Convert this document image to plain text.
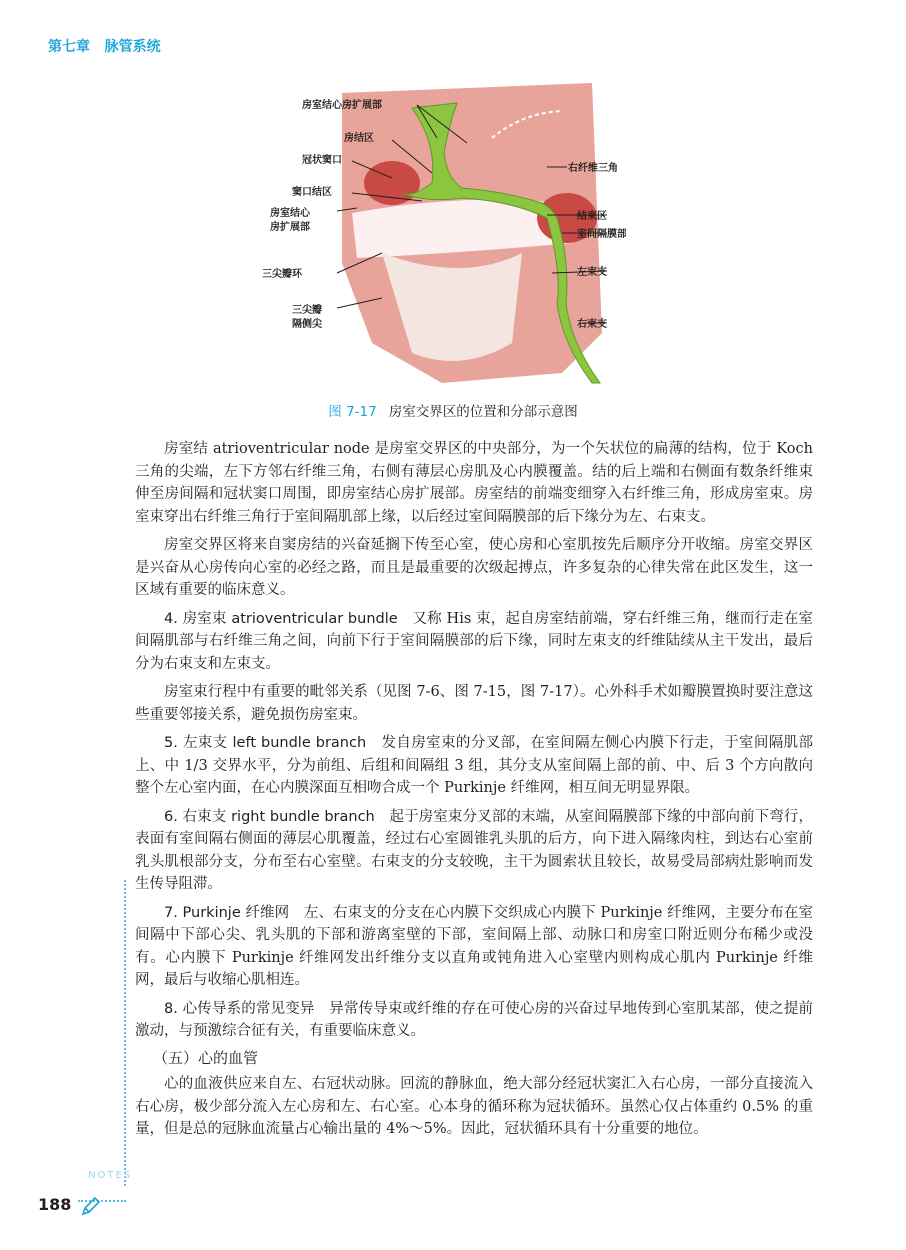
第七章 脉管系统
房室结心房扩展部
房结区
冠状窦口
窦口结区
房室结心
房扩展部
三尖瓣环
三尖瓣
隔侧尖
右纤维三角
结束区
室间隔膜部
左束支
右束支
图 7-17 房室交界区的位置和分部示意图

房室结 atrioventricular node 是房室交界区的中央部分，为一个矢状位的扁薄的结构，位于 Koch 三角的尖端，左下方邻右纤维三角，右侧有薄层心房肌及心内膜覆盖。结的后上端和右侧面有数条纤维束伸至房间隔和冠状窦口周围，即房室结心房扩展部。房室结的前端变细穿入右纤维三角，形成房室束。房室束穿出右纤维三角行于室间隔肌部上缘，以后经过室间隔膜部的后下缘分为左、右束支。

房室交界区将来自窦房结的兴奋延搁下传至心室，使心房和心室肌按先后顺序分开收缩。房室交界区是兴奋从心房传向心室的必经之路，而且是最重要的次级起搏点，许多复杂的心律失常在此区发生，这一区域有重要的临床意义。

4. 房室束 atrioventricular bundle　又称 His 束，起自房室结前端，穿右纤维三角，继而行走在室间隔肌部与右纤维三角之间，向前下行于室间隔膜部的后下缘，同时左束支的纤维陆续从主干发出，最后分为右束支和左束支。

房室束行程中有重要的毗邻关系（见图 7-6、图 7-15，图 7-17）。心外科手术如瓣膜置换时要注意这些重要邻接关系，避免损伤房室束。

5. 左束支 left bundle branch　发自房室束的分叉部，在室间隔左侧心内膜下行走，于室间隔肌部上、中 1/3 交界水平，分为前组、后组和间隔组 3 组，其分支从室间隔上部的前、中、后 3 个方向散向整个左心室内面，在心内膜深面互相吻合成一个 Purkinje 纤维网，相互间无明显界限。

6. 右束支 right bundle branch　起于房室束分叉部的末端，从室间隔膜部下缘的中部向前下弯行，表面有室间隔右侧面的薄层心肌覆盖，经过右心室圆锥乳头肌的后方，向下进入隔缘肉柱，到达右心室前乳头肌根部分支，分布至右心室壁。右束支的分支较晚，主干为圆索状且较长，故易受局部病灶影响而发生传导阻滞。

7. Purkinje 纤维网　左、右束支的分支在心内膜下交织成心内膜下 Purkinje 纤维网，主要分布在室间隔中下部心尖、乳头肌的下部和游离室壁的下部，室间隔上部、动脉口和房室口附近则分布稀少或没有。心内膜下 Purkinje 纤维网发出纤维分支以直角或钝角进入心室壁内则构成心肌内 Purkinje 纤维网，最后与收缩心肌相连。

8. 心传导系的常见变异　异常传导束或纤维的存在可使心房的兴奋过早地传到心室肌某部，使之提前激动，与预激综合征有关，有重要临床意义。

（五）心的血管

心的血液供应来自左、右冠状动脉。回流的静脉血，绝大部分经冠状窦汇入右心房，一部分直接流入右心房，极少部分流入左心房和左、右心室。心本身的循环称为冠状循环。虽然心仅占体重约 0.5% 的重量，但是总的冠脉血流量占心输出量的 4%～5%。因此，冠状循环具有十分重要的地位。

NOTES
188
